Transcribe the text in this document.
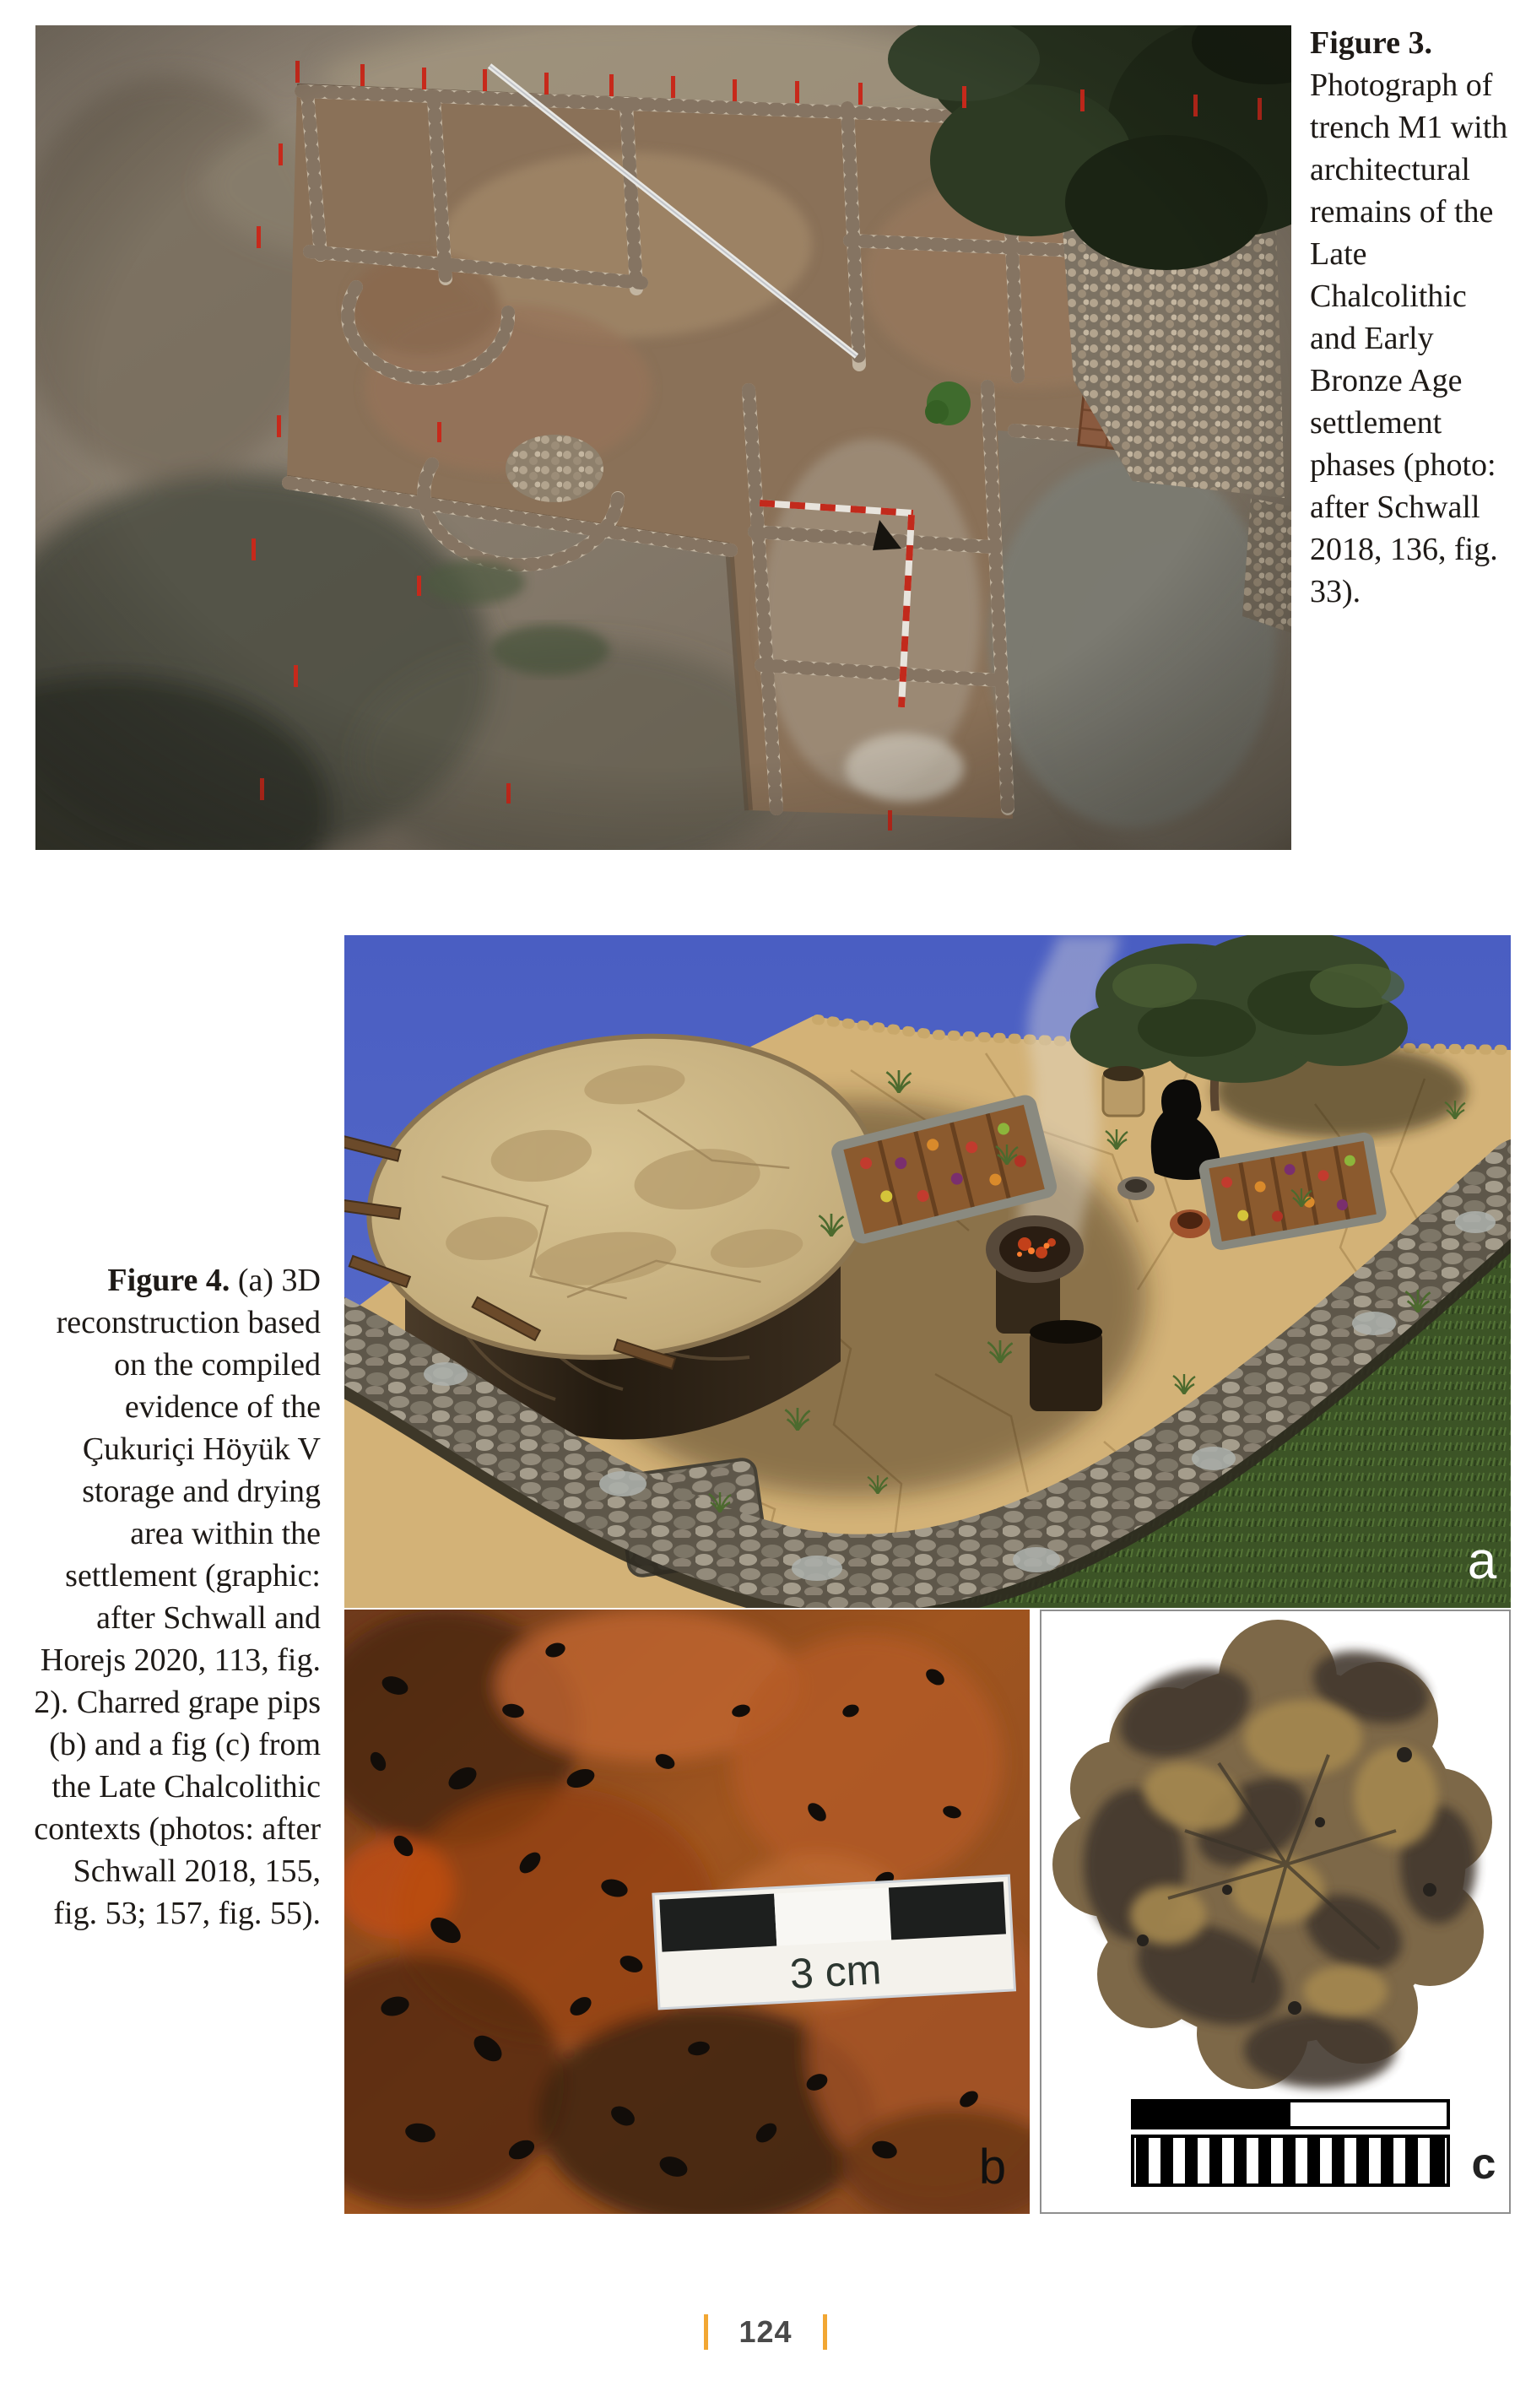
Figure 3. Photograph of trench M1 with architectural remains of the Late Chalcolithic and Early Bronze Age settlement phases (photo: after Schwall 2018, 136, fig. 33).
a
3 cm
b	c
Figure 4. (a) 3D reconstruction based on the compiled evidence of the Çukuriçi Höyük V storage and drying area within the settlement (graphic: after Schwall and Horejs 2020, 113, fig. 2). Charred grape pips (b) and a fig (c) from the Late Chalcolithic contexts (photos: after Schwall 2018, 155, fig. 53; 157, fig. 55).
124
